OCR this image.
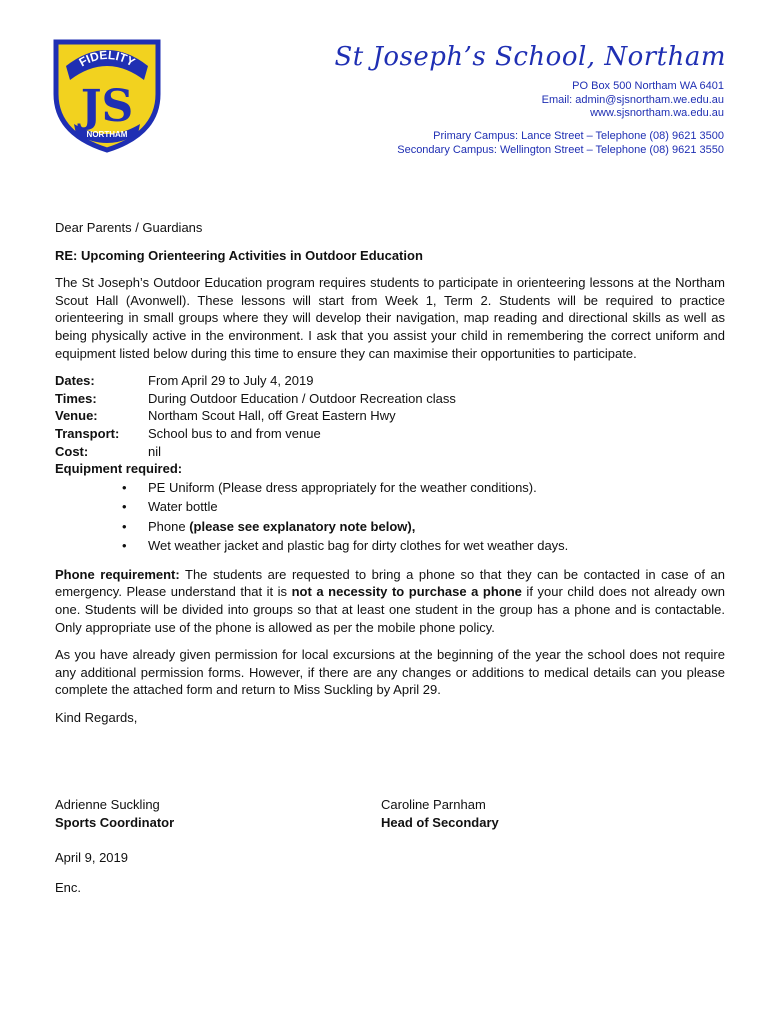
FIDELITY
JS
NORTHAM
St Joseph’s School, Northam
PO Box 500 Northam WA 6401
Email: admin@sjsnortham.we.edu.au
www.sjsnortham.wa.edu.au
Primary Campus: Lance Street – Telephone (08) 9621 3500
Secondary Campus: Wellington Street – Telephone (08) 9621 3550

Dear Parents / Guardians

RE: Upcoming Orienteering Activities in Outdoor Education

The St Joseph’s Outdoor Education program requires students to participate in orienteering lessons at the Northam Scout Hall (Avonwell). These lessons will start from Week 1, Term 2. Students will be required to practice orienteering in small groups where they will develop their navigation, map reading and directional skills as well as being physically active in the environment. I ask that you assist your child in remembering the correct uniform and equipment listed below during this time to ensure they can maximise their opportunities to participate.

Dates:	From April 29 to July 4, 2019
Times:	During Outdoor Education / Outdoor Recreation class
Venue:	Northam Scout Hall, off Great Eastern Hwy
Transport:	School bus to and from venue
Cost:	nil

Equipment required:

• PE Uniform (Please dress appropriately for the weather conditions).
• Water bottle
• Phone (please see explanatory note below),
• Wet weather jacket and plastic bag for dirty clothes for wet weather days.

Phone requirement: The students are requested to bring a phone so that they can be contacted in case of an emergency. Please understand that it is not a necessity to purchase a phone if your child does not already own one. Students will be divided into groups so that at least one student in the group has a phone and is contactable. Only appropriate use of the phone is allowed as per the mobile phone policy.

As you have already given permission for local excursions at the beginning of the year the school does not require any additional permission forms. However, if there are any changes or additions to medical details can you please complete the attached form and return to Miss Suckling by April 29.

Kind Regards,

Adrienne Suckling
Sports Coordinator
Caroline Parnham
Head of Secondary

April 9, 2019

Enc.
